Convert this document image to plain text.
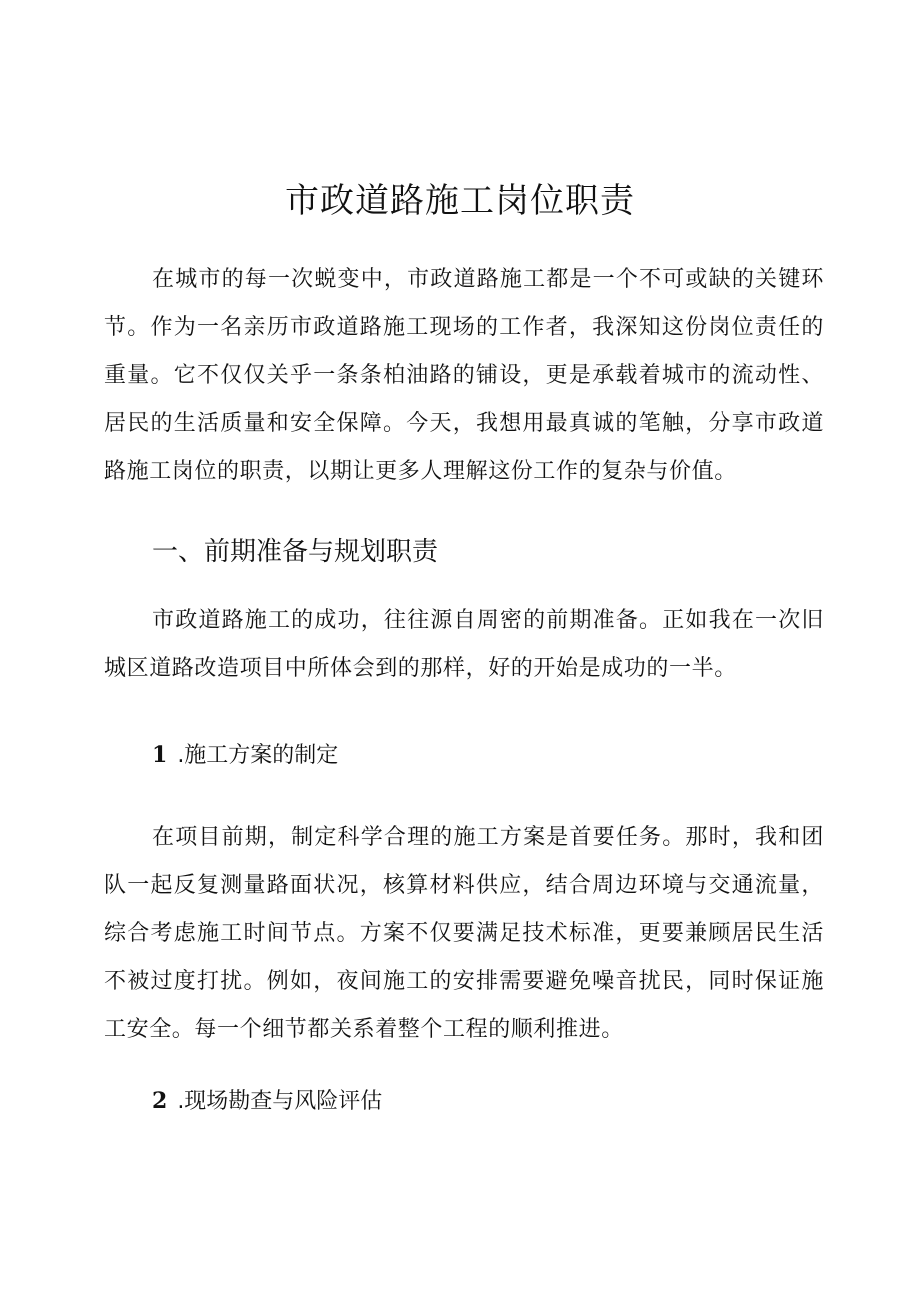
市政道路施工岗位职责

在城市的每一次蜕变中，市政道路施工都是一个不可或缺的关键环节。作为一名亲历市政道路施工现场的工作者，我深知这份岗位责任的重量。它不仅仅关乎一条条柏油路的铺设，更是承载着城市的流动性、居民的生活质量和安全保障。今天，我想用最真诚的笔触，分享市政道路施工岗位的职责，以期让更多人理解这份工作的复杂与价值。

一、前期准备与规划职责

市政道路施工的成功，往往源自周密的前期准备。正如我在一次旧城区道路改造项目中所体会到的那样，好的开始是成功的一半。

1 .施工方案的制定

在项目前期，制定科学合理的施工方案是首要任务。那时，我和团队一起反复测量路面状况，核算材料供应，结合周边环境与交通流量，综合考虑施工时间节点。方案不仅要满足技术标准，更要兼顾居民生活不被过度打扰。例如，夜间施工的安排需要避免噪音扰民，同时保证施工安全。每一个细节都关系着整个工程的顺利推进。

2 .现场勘查与风险评估
